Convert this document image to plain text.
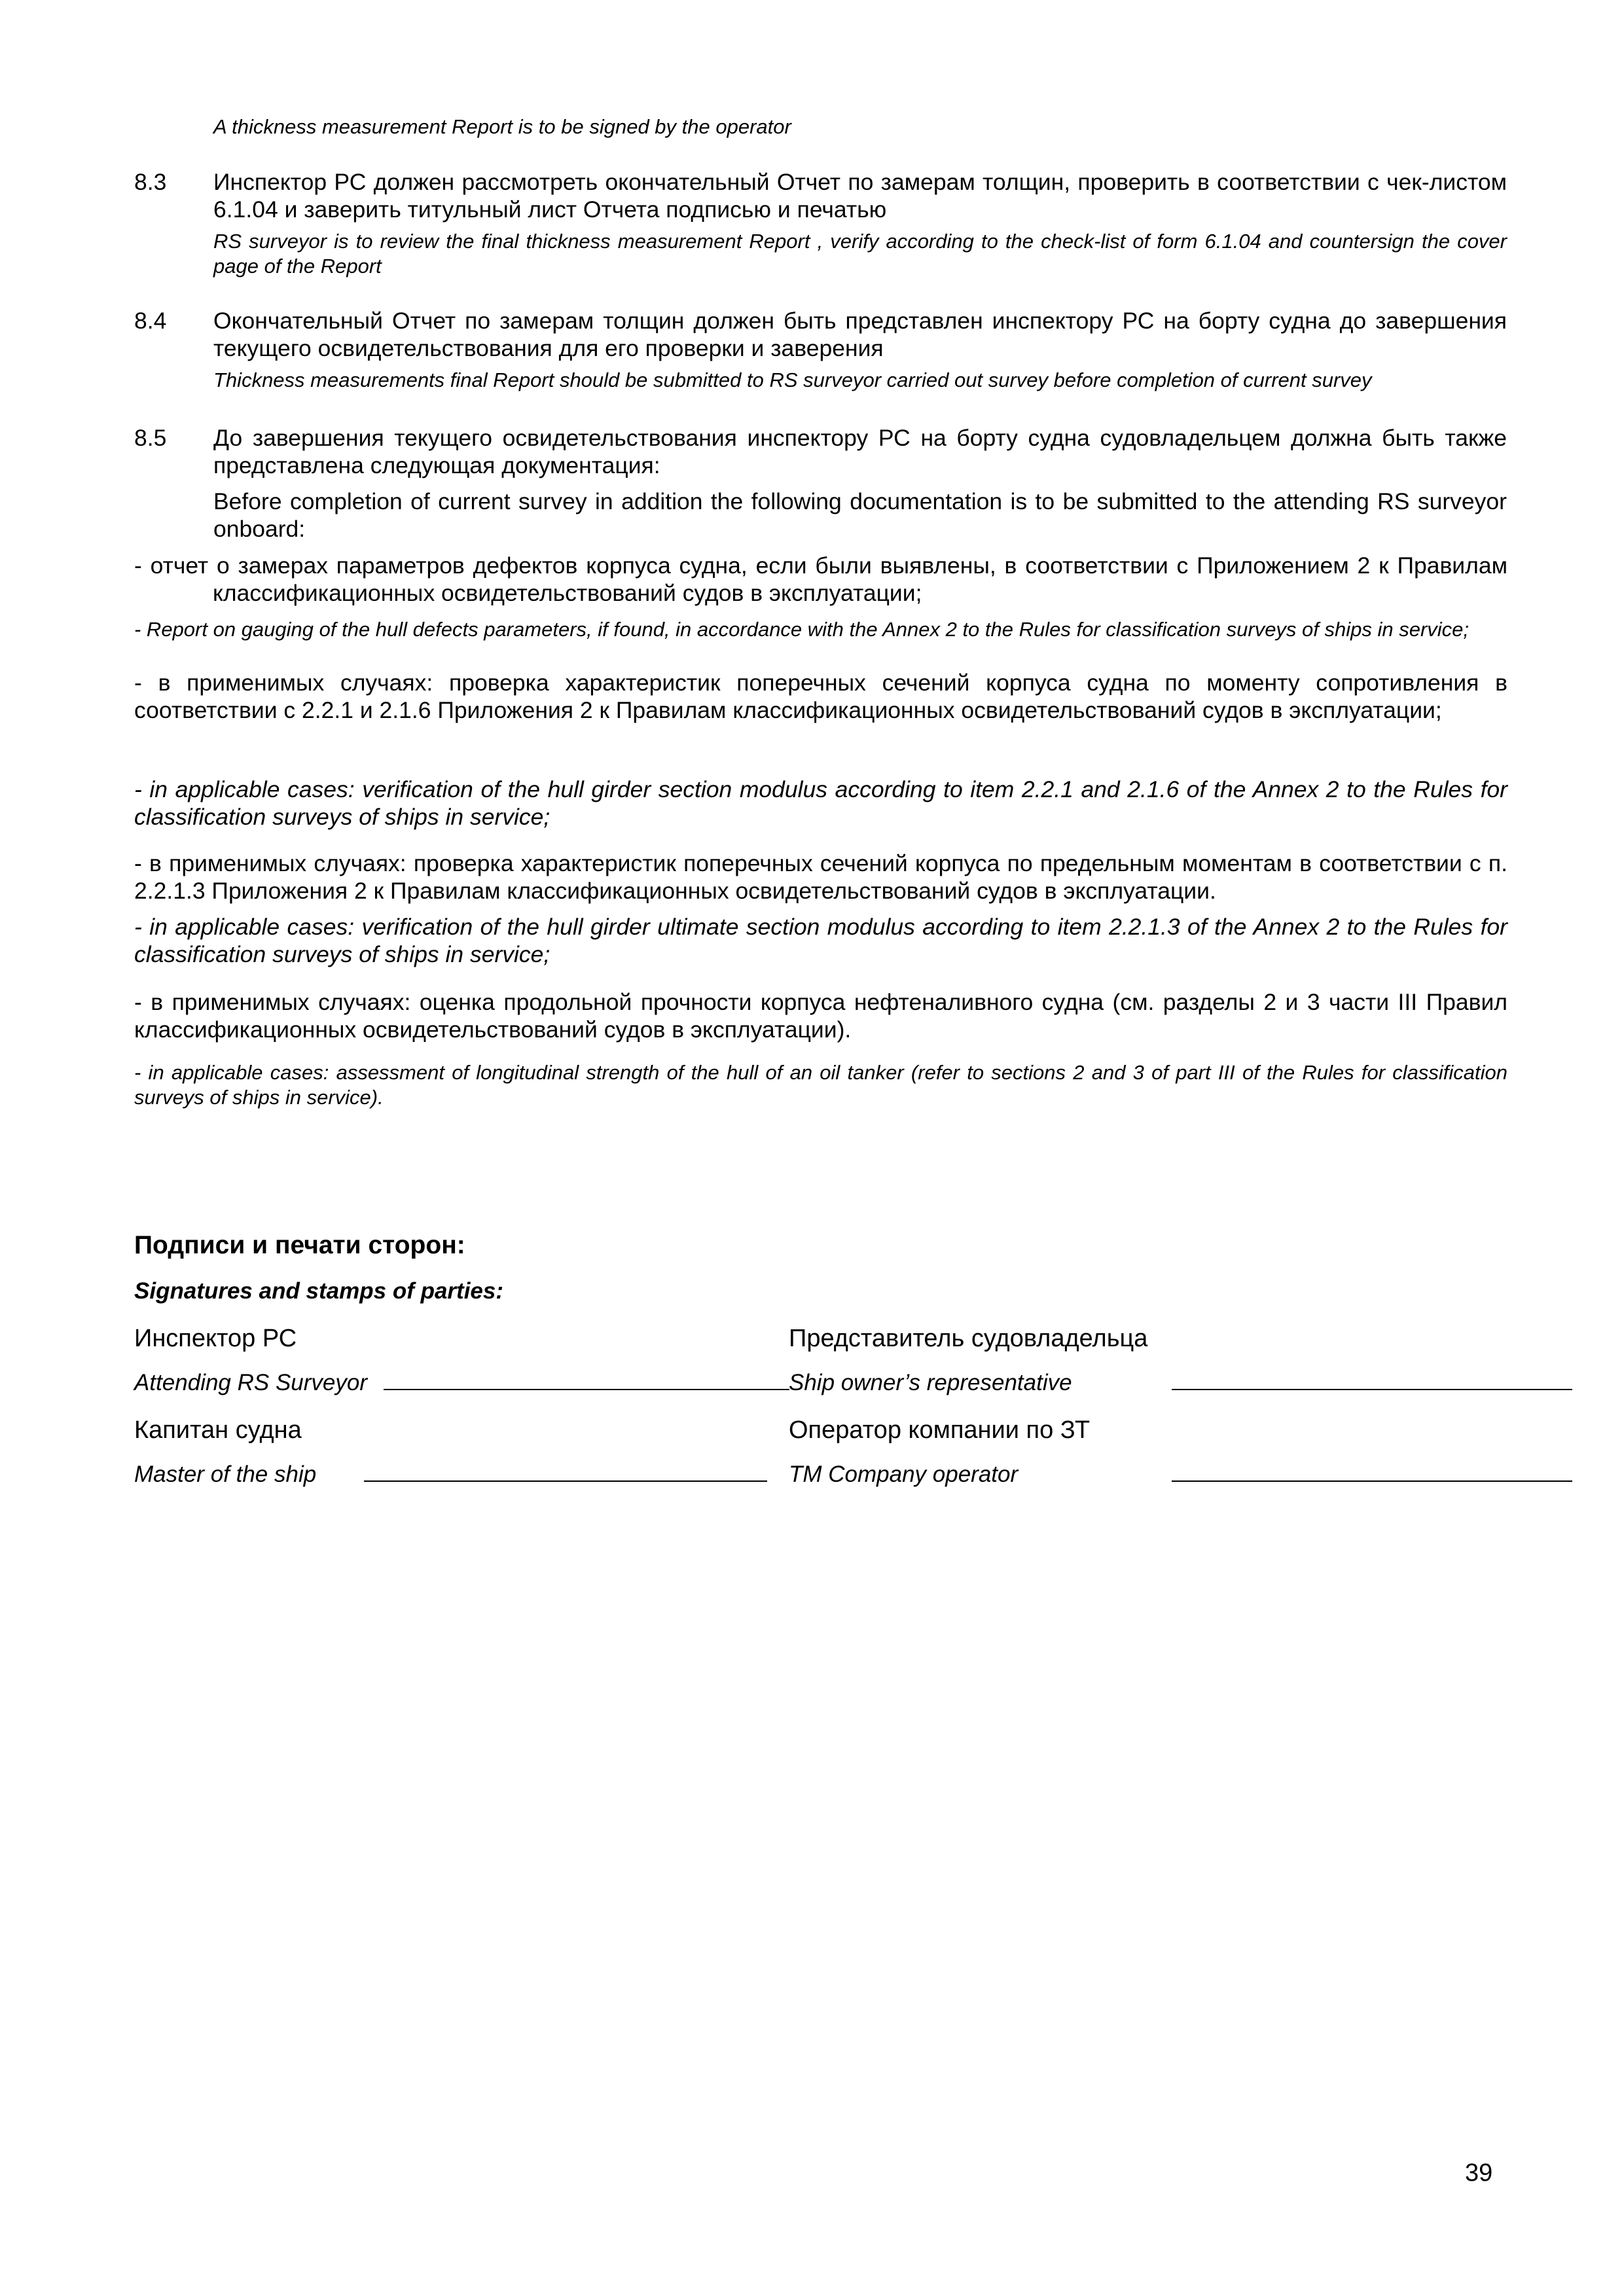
A thickness measurement Report is to be signed by the operator
8.3 Инспектор РС должен рассмотреть окончательный Отчет по замерам толщин, проверить в соответствии с чек-листом 6.1.04 и заверить титульный лист Отчета подписью и печатью
RS surveyor is to review the final thickness measurement Report , verify according to the check-list of form 6.1.04 and countersign the cover page of the Report
8.4 Окончательный Отчет по замерам толщин должен быть представлен инспектору РС на борту судна до завершения текущего освидетельствования для его проверки и заверения
Thickness measurements final Report should be submitted to RS surveyor carried out survey before completion of current survey
8.5 До завершения текущего освидетельствования инспектору РС на борту судна судовладельцем должна быть также представлена следующая документация:
Before completion of current survey in addition the following documentation is to be submitted to the attending RS surveyor onboard:
- отчет о замерах параметров дефектов корпуса судна, если были выявлены, в соответствии с Приложением 2 к Правилам классификационных освидетельствований судов в эксплуатации;
- Report on gauging of the hull defects parameters, if found, in accordance with the Annex 2 to the Rules for classification surveys of ships in service;
- в применимых случаях: проверка характеристик поперечных сечений корпуса судна по моменту сопротивления в соответствии с 2.2.1 и 2.1.6 Приложения 2 к Правилам классификационных освидетельствований судов в эксплуатации;
- in applicable cases: verification of the hull girder section modulus according to item 2.2.1 and 2.1.6 of the Annex 2 to the Rules for classification surveys of ships in service;
- в применимых случаях: проверка характеристик поперечных сечений корпуса по предельным моментам в соответствии с п. 2.2.1.3 Приложения 2 к Правилам классификационных освидетельствований судов в эксплуатации.
- in applicable cases: verification of the hull girder ultimate section modulus according to item 2.2.1.3 of the Annex 2 to the Rules for classification surveys of ships in service;
- в применимых случаях: оценка продольной прочности корпуса нефтеналивного судна (см. разделы 2 и 3 части III Правил классификационных освидетельствований судов в эксплуатации).
- in applicable cases: assessment of longitudinal strength of the hull of an oil tanker (refer to sections 2 and 3 of part III of the Rules for classification surveys of ships in service).
Подписи и печати сторон:
Signatures and stamps of parties:
Инспектор РС	Представитель судовладельца
Attending RS Surveyor	Ship owner’s representative
Капитан судна	Оператор компании по ЗТ
Master of the ship	TM Company operator
39
